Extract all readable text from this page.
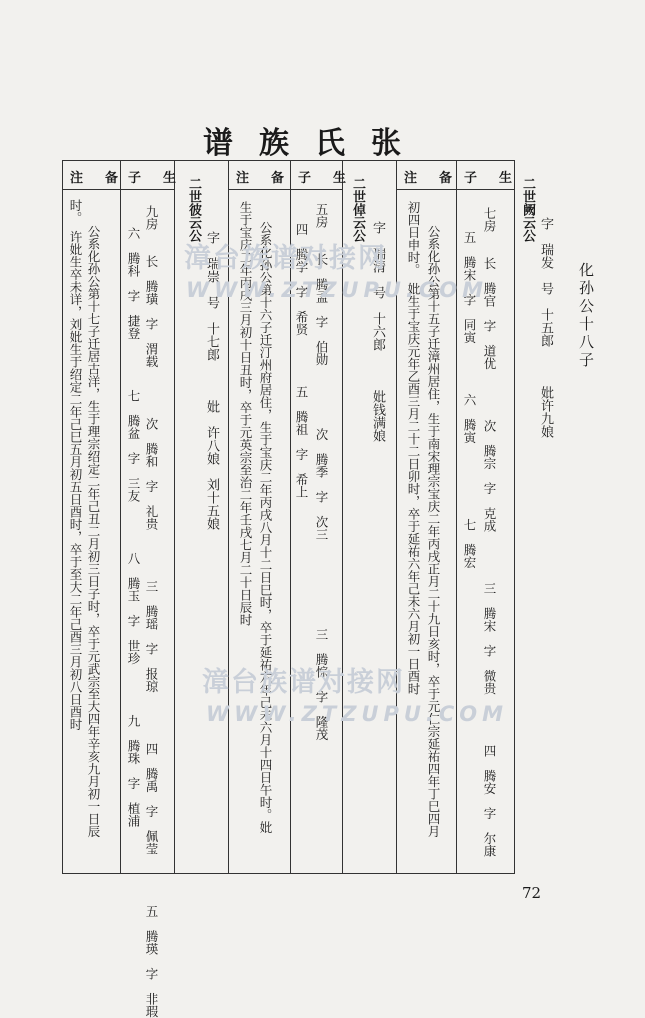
谱族氏张
化孙公十八子
注备
时。　许妣生卒未详，刘妣生于绍定二年己巳五月初五日酉时，卒于至大二年己酉三月初八日酉时 公系化孙公第十七子迁居古洋，生于理宗绍定二年己丑二月初三日子时，卒于元武宗至大四年辛亥九月初一日辰
子生
六　腾科　字　捷登　　　　七　腾盆　字　三友　　　　八　腾玉　字　世珍　　　　九　腾珠　字　植浦 九房　　长　腾璜　字　渭载　　　　次　腾和　字　礼贵　　　　三　腾瑶　字　报琼　　　　四　腾禹　字　佩莹　　　　五　腾瑛　字　非瑕 二世彼云公
字　瑞崇　号　十七郎　　　妣　许八娘　刘十五娘
注备
生于宝庆二年丙戌三月初十日丑时，卒于元英宗至治二年壬戌七月二十日辰时 公系化孙公第十六子迁汀州府居住，生于宝庆二年丙戌八月十二日巳时，卒于延祐六年己未六月十四日午时。妣
子生
四　腾学　字　希贤　　　　五　腾祖　字　希上 五房　　长　腾孟　字　伯勋　　　　　次　腾季　字　次三　　　　　　　三　腾悰　字　隆茂 二世倬云公
字　瑞清　号　十六郎　　　妣钱满娘
注备
初四日申时。　妣生于宝庆元年乙酉三月二十二日卯时，卒于延祐六年己未六月初一日酉时 公系化孙公第十五子迁漳州居住，生于南宋理宗宝庆二年丙戌正月二十九日亥时，卒于元仁宗延祐四年丁巳四月
子生
五　腾宋　字　同寅　　　　六　腾寅　　　　　　七　腾宏 七房　　长　腾官　字　道优　　　　次　腾宗　字　克成　　　　三　腾宋　字　微贵　　　　四　腾安　字　尔康 二世阙云公
字　瑞发　号　十五郎　　　妣许九娘
漳台族谱对接网
WWW.ZTZUPU.COM
漳台族谱对接网
WWW.ZTZUPU.COM
72
